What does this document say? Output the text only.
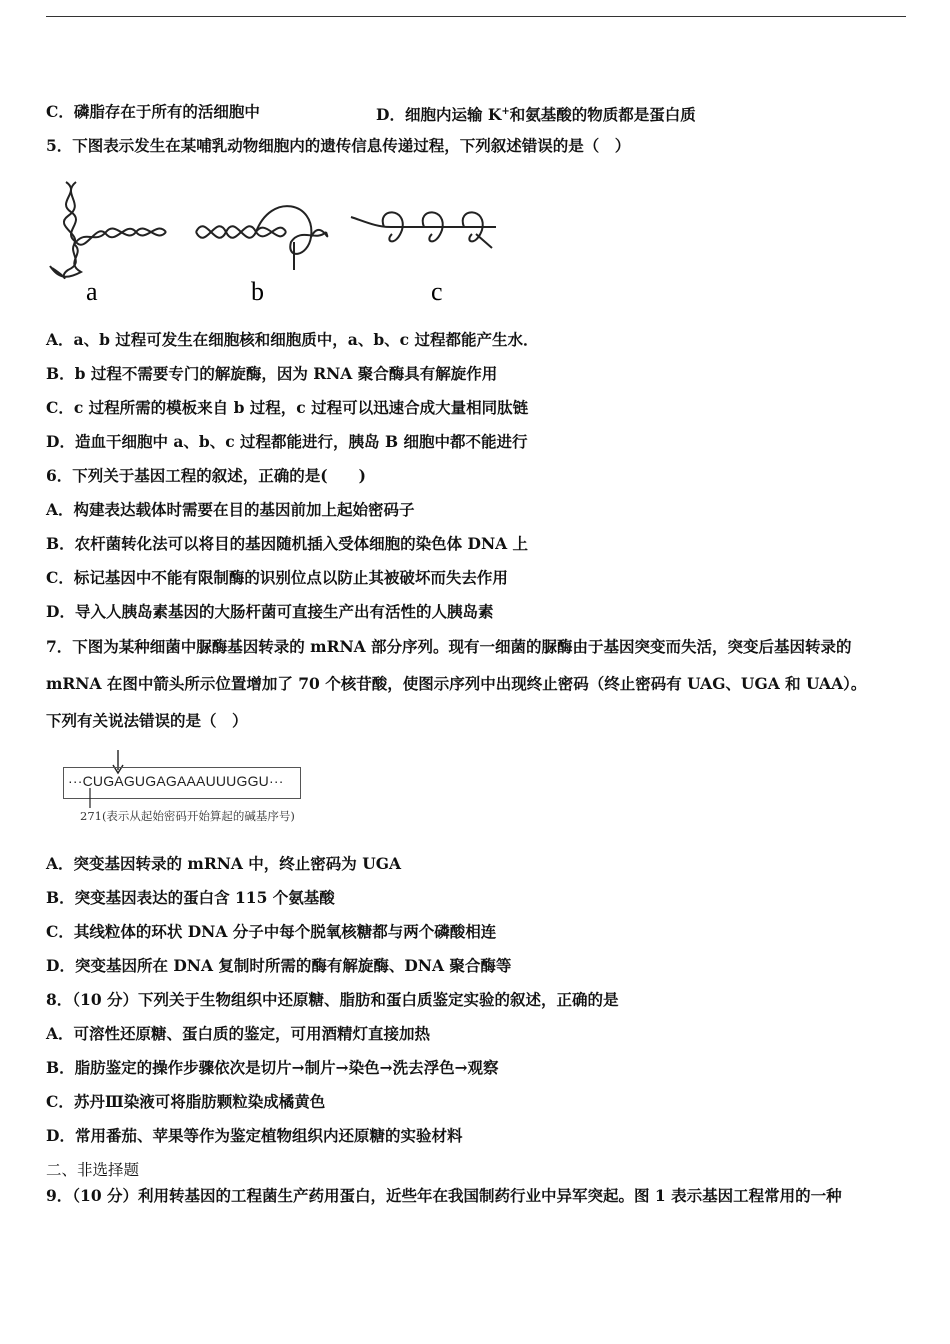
C．磷脂存在于所有的活细胞中	D．细胞内运输 K+和氨基酸的物质都是蛋白质
5．下图表示发生在某哺乳动物细胞内的遗传信息传递过程，下列叙述错误的是（　）
a	b	c
A．a、b 过程可发生在细胞核和细胞质中，a、b、c 过程都能产生水．
B．b 过程不需要专门的解旋酶，因为 RNA 聚合酶具有解旋作用
C．c 过程所需的模板来自 b 过程，c 过程可以迅速合成大量相同肽链
D．造血干细胞中 a、b、c 过程都能进行，胰岛 B 细胞中都不能进行
6．下列关于基因工程的叙述，正确的是(　　)
A．构建表达载体时需要在目的基因前加上起始密码子
B．农杆菌转化法可以将目的基因随机插入受体细胞的染色体 DNA 上
C．标记基因中不能有限制酶的识别位点以防止其被破坏而失去作用
D．导入人胰岛素基因的大肠杆菌可直接生产出有活性的人胰岛素
7．下图为某种细菌中脲酶基因转录的 mRNA 部分序列。现有一细菌的脲酶由于基因突变而失活，突变后基因转录的
mRNA 在图中箭头所示位置增加了 70 个核苷酸，使图示序列中出现终止密码（终止密码有 UAG、UGA 和 UAA）。
下列有关说法错误的是（　）
···CUGAGUGAGAAAUUUGGU···
271(表示从起始密码开始算起的碱基序号)
A．突变基因转录的 mRNA 中，终止密码为 UGA
B．突变基因表达的蛋白含 115 个氨基酸
C．其线粒体的环状 DNA 分子中每个脱氧核糖都与两个磷酸相连
D．突变基因所在 DNA 复制时所需的酶有解旋酶、DNA 聚合酶等
8．（10 分）下列关于生物组织中还原糖、脂肪和蛋白质鉴定实验的叙述，正确的是
A．可溶性还原糖、蛋白质的鉴定，可用酒精灯直接加热
B．脂肪鉴定的操作步骤依次是切片→制片→染色→洗去浮色→观察
C．苏丹Ⅲ染液可将脂肪颗粒染成橘黄色
D．常用番茄、苹果等作为鉴定植物组织内还原糖的实验材料
二、非选择题
9．（10 分）利用转基因的工程菌生产药用蛋白，近些年在我国制药行业中异军突起。图 1 表示基因工程常用的一种
